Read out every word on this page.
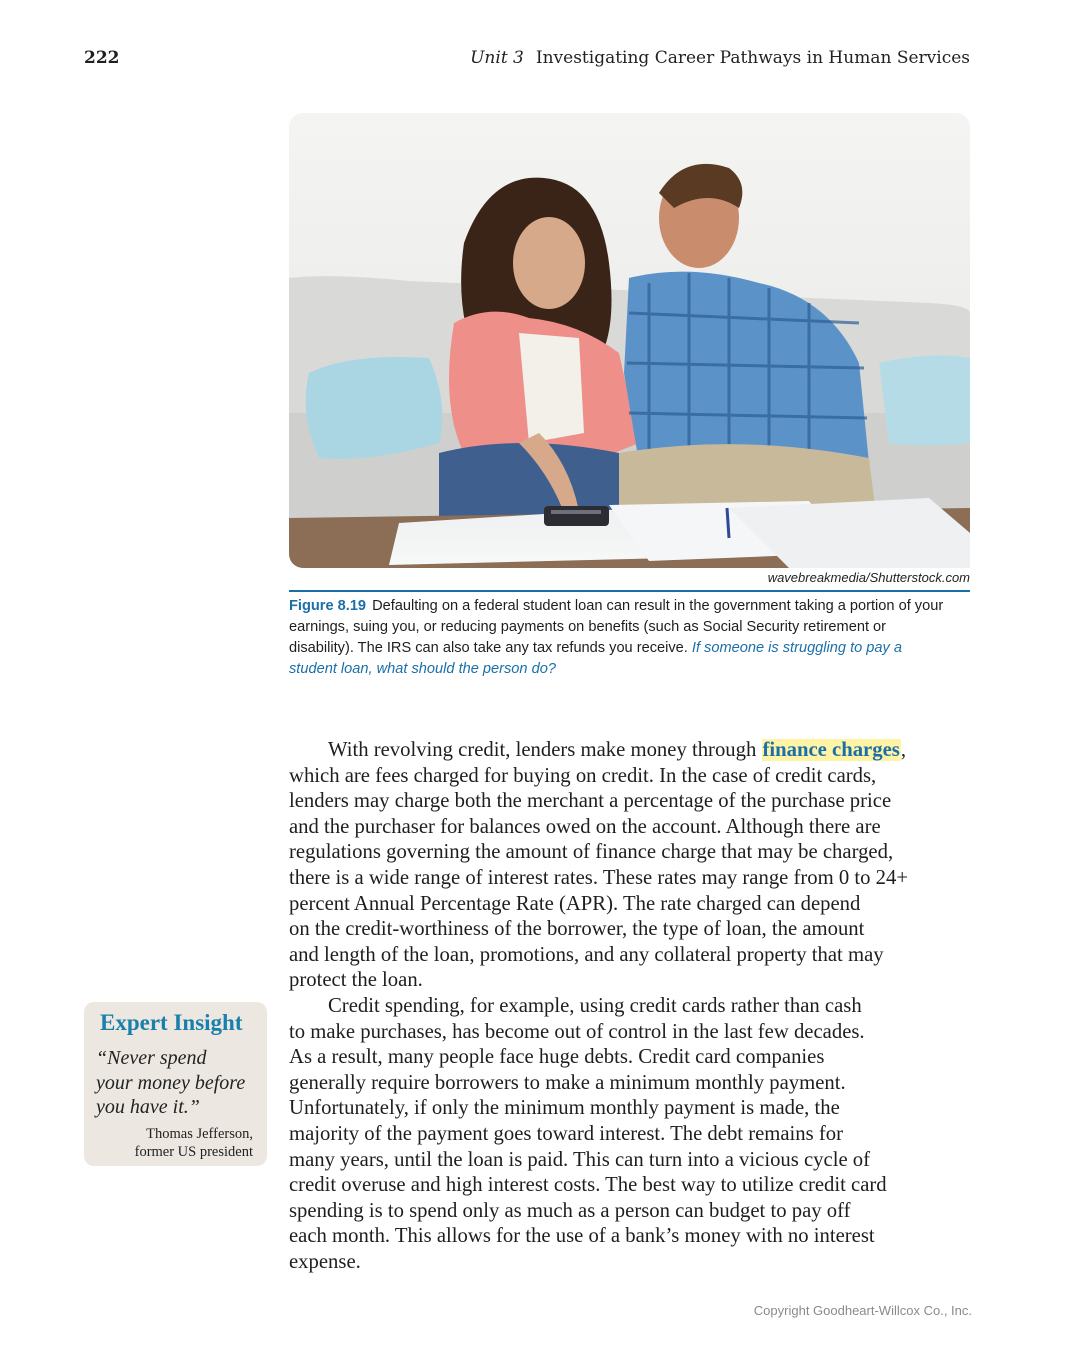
222	Unit 3 Investigating Career Pathways in Human Services
wavebreakmedia/Shutterstock.com
Figure 8.19 Defaulting on a federal student loan can result in the government taking a portion of your earnings, suing you, or reducing payments on benefits (such as Social Security retirement or disability). The IRS can also take any tax refunds you receive. If someone is struggling to pay a student loan, what should the person do?
With revolving credit, lenders make money through finance charges,
which are fees charged for buying on credit. In the case of credit cards,
lenders may charge both the merchant a percentage of the purchase price
and the purchaser for balances owed on the account. Although there are
regulations governing the amount of finance charge that may be charged,
there is a wide range of interest rates. These rates may range from 0 to 24+
percent Annual Percentage Rate (APR). The rate charged can depend
on the credit-worthiness of the borrower, the type of loan, the amount
and length of the loan, promotions, and any collateral property that may
protect the loan.
Credit spending, for example, using credit cards rather than cash
to make purchases, has become out of control in the last few decades.
As a result, many people face huge debts. Credit card companies
generally require borrowers to make a minimum monthly payment.
Unfortunately, if only the minimum monthly payment is made, the
majority of the payment goes toward interest. The debt remains for
many years, until the loan is paid. This can turn into a vicious cycle of
credit overuse and high interest costs. The best way to utilize credit card
spending is to spend only as much as a person can budget to pay off
each month. This allows for the use of a bank’s money with no interest
expense.
Expert Insight
“Never spend
your money before
you have it.”
Thomas Jefferson,
former US president
Copyright Goodheart-Willcox Co., Inc.
